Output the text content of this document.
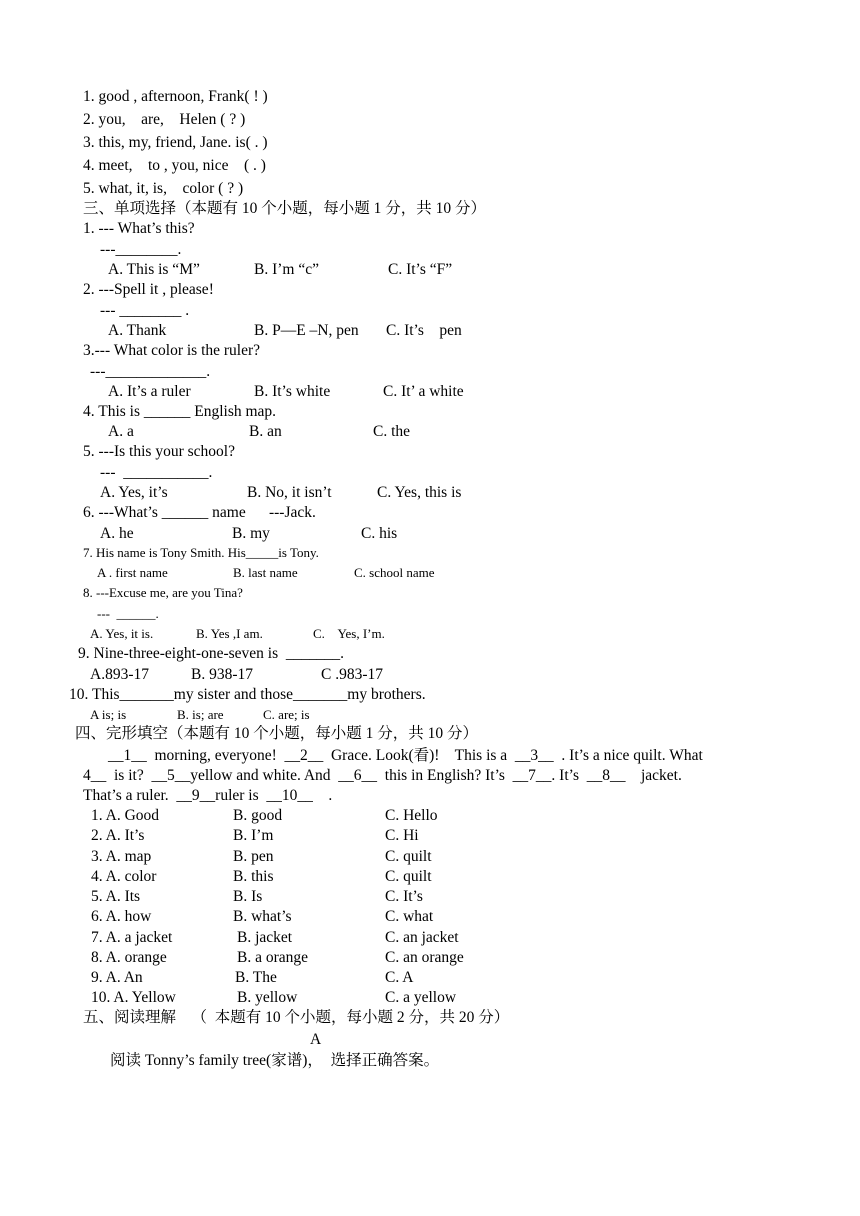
1. good , afternoon, Frank( ! )
2. you,    are,    Helen ( ? )
3. this, my, friend, Jane. is( . )
4. meet,    to , you, nice    ( . )
5. what, it, is,    color ( ? )
三、单项选择（本题有 10 个小题，每小题 1 分，共 10 分）
1. --- What’s this?
---________.
A. This is “M”	B. I’m “c”	C. It’s “F”
2. ---Spell it , please!
--- ________ .
A. Thank	B. P—E –N, pen C. It’s    pen
3.--- What color is the ruler?
---_____________.
A. It’s a ruler	B. It’s white	C. It’ a white
4. This is ______ English map.
A. a	B. an	C. the
5. ---Is this your school?
---  ___________.
A. Yes, it’s	B. No, it isn’t	C. Yes, this is
6. ---What’s ______ name      ---Jack.
A. he	B. my	C. his
7. His name is Tony Smith. His_____is Tony.
A . first name	B. last name	C. school name
8. ---Excuse me, are you Tina?
---  ______.
A. Yes, it is.	B. Yes ,I am.	C.    Yes, I’m.
9. Nine-three-eight-one-seven is  _______.
A.893-17	B. 938-17	C .983-17
10. This_______my sister and those_______my brothers.
A is; is	B. is; are	C. are; is
四、完形填空（本题有 10 个小题，每小题 1 分，共 10 分）
__1__  morning, everyone!  __2__  Grace. Look(看)!    This is a  __3__  . It’s a nice quilt. What
4__  is it?  __5__yellow and white. And  __6__  this in English? It’s  __7__. It’s  __8__    jacket.
That’s a ruler.  __9__ruler is  __10__    .
1. A. Good	B. good	C. Hello
2. A. It’s	B. I’m	C. Hi
3. A. map	B. pen	C. quilt
4. A. color	B. this	C. quilt
5. A. Its	B. Is	C. It’s
6. A. how	B. what’s	C. what
7. A. a jacket	B. jacket	C. an jacket
8. A. orange	B. a orange	C. an orange
9. A. An	B. The	C. A
10. A. Yellow	B. yellow	C. a yellow
五、阅读理解    （  本题有 10 个小题，每小题 2 分，共 20 分）
A
阅读 Tonny’s family tree(家谱)，  选择正确答案。
